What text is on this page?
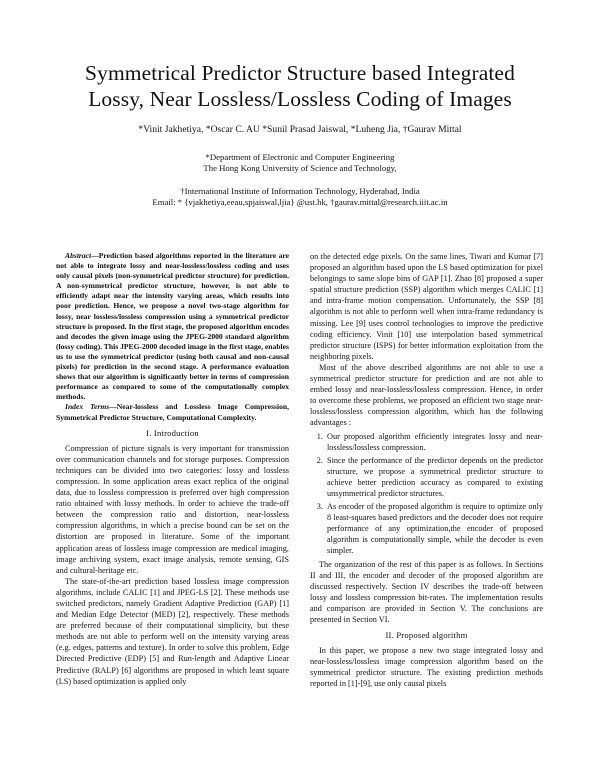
Symmetrical Predictor Structure based Integrated
Lossy, Near Lossless/Lossless Coding of Images
*Vinit Jakhetiya, *Oscar C. AU *Sunil Prasad Jaiswal, *Luheng Jia, †Gaurav Mittal
*Department of Electronic and Computer Engineering
The Hong Kong University of Science and Technology,
†International Institute of Information Technology, Hyderabad, India
Email: * {vjakhetiya,eeau,spjaiswal,ljia} @ust.hk, †gaurav.mittal@research.iiit.ac.in

Abstract—Prediction based algorithms reported in the literature are not able to integrate lossy and near-lossless/lossless coding and uses only causal pixels (non-symmetrical predictor structure) for prediction. A non-symmetrical predictor structure, however, is not able to efficiently adapt near the intensity varying areas, which results into poor prediction. Hence, we propose a novel two-stage algorithm for lossy, near lossless/lossless compression using a symmetrical predictor structure is proposed. In the first stage, the proposed algorithm encodes and decodes the given image using the JPEG-2000 standard algorithm (lossy coding). This JPEG-2000 decoded image in the first stage, enables us to use the symmetrical predictor (using both causal and non-causal pixels) for prediction in the second stage. A performance evaluation shows that our algorithm is significantly better in terms of compression performance as compared to some of the computationally complex methods.

Index Terms—Near-lossless and Lossless Image Compression, Symmetrical Predictor Structure, Computational Complexity.

I. Introduction

Compression of picture signals is very important for transmission over communication channels and for storage purposes. Compression techniques can be divided into two categories: lossy and lossless compression. In some application areas exact replica of the original data, due to lossless compression is preferred over high compression ratio obtained with lossy methods. In order to achieve the trade-off between the compression ratio and distortion, near-lossless compression algorithms, in which a precise bound can be set on the distortion are proposed in literature. Some of the important application areas of lossless image compression are medical imaging, image archiving system, exact image analysis, remote sensing, GIS and cultural-heritage etc.

The state-of-the-art prediction based lossless image compression algorithms, include CALIC [1] and JPEG-LS [2]. These methods use switched predictors, namely Gradient Adaptive Prediction (GAP) [1] and Median Edge Detector (MED) [2], respectively. These methods are preferred because of their computational simplicity, but these methods are not able to perform well on the intensity varying areas (e.g. edges, patterns and texture). In order to solve this problem, Edge Directed Predictive (EDP) [5] and Run-length and Adaptive Linear Predictive (RALP) [6] algorithms are proposed in which least square (LS) based optimization is applied only

on the detected edge pixels. On the same lines, Tiwari and Kumar [7] proposed an algorithm based upon the LS based optimization for pixel belongings to same slope bins of GAP [1]. Zhao [8] proposed a super spatial structure prediction (SSP) algorithm which merges CALIC [1] and intra-frame motion compensation. Unfortunately, the SSP [8] algorithm is not able to perform well when intra-frame redundancy is missing. Lee [9] uses control technologies to improve the predictive coding efficiency. Vinit [10] use interpolation based symmetrical predictor structure (ISPS) for better information exploitation from the neighboring pixels.

Most of the above described algorithms are not able to use a symmetrical predictor structure for prediction and are not able to embed lossy and near-lossless/lossless compression. Hence, in order to overcome these problems, we proposed an efficient two stage near-lossless/lossless compression algorithm, which has the following advantages :

1. Our proposed algorithm efficiently integrates lossy and near-lossless/lossless compression.
2. Since the performance of the predictor depends on the predictor structure, we propose a symmetrical predictor structure to achieve better prediction accuracy as compared to existing unsymmetrical predictor structures.
3. As encoder of the proposed algorithm is require to optimize only 8 least-squares based predictors and the decoder does not require performance of any optimization,the encoder of proposed algorithm is computationally simple, while the decoder is even simpler.

The organization of the rest of this paper is as follows. In Sections II and III, the encoder and decoder of the proposed algorithm are discussed respectively. Section IV describes the trade-off between lossy and lossless compression bit-rates. The implementation results and comparison are provided in Section V. The conclusions are presented in Section VI.

II. Proposed algorithm

In this paper, we propose a new two stage integrated lossy and near-lossless/lossless image compression algorithm based on the symmetrical predictor structure. The existing prediction methods reported in [1]-[9], use only causal pixels
